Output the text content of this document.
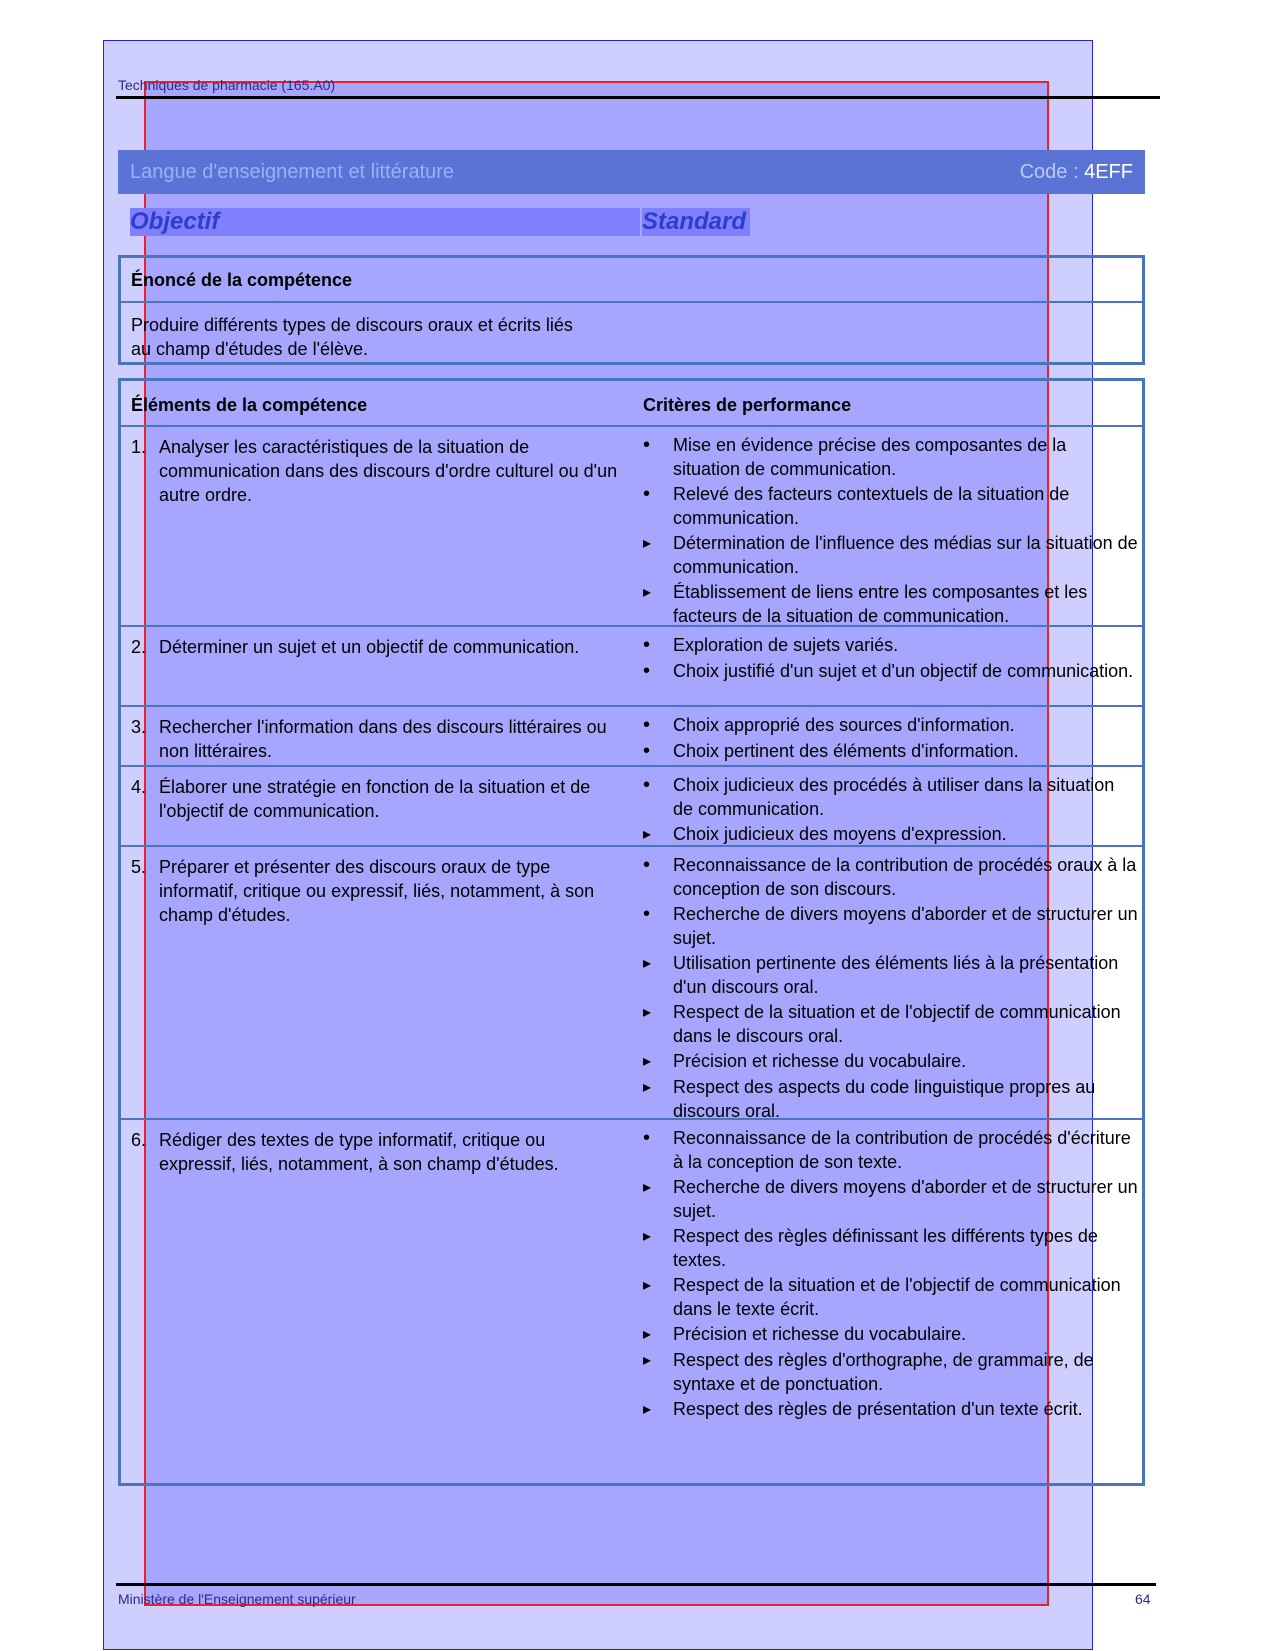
Techniques de pharmacie (165.A0)
Langue d'enseignement et littérature	Code : 4EFF
Objectif	Standard
Énoncé de la compétence
Produire différents types de discours oraux et écrits liés au champ d'études de l'élève.
Éléments de la compétence	Critères de performance
1. Analyser les caractéristiques de la situation de communication dans des discours d'ordre culturel ou d'un autre ordre.
•
Mise en évidence précise des composantes de la situation de communication.
•
Relevé des facteurs contextuels de la situation de communication.
▸
Détermination de l'influence des médias sur la situation de communication.
▸
Établissement de liens entre les composantes et les facteurs de la situation de communication.
2. Déterminer un sujet et un objectif de communication.
•	Exploration de sujets variés.
•
Choix justifié d'un sujet et d'un objectif de communication.
3. Rechercher l'information dans des discours littéraires ou non littéraires.
•
Choix approprié des sources d'information.
•
Choix pertinent des éléments d'information.
4. Élaborer une stratégie en fonction de la situation et de l'objectif de communication.
•
Choix judicieux des procédés à utiliser dans la situation de communication.
▸
Choix judicieux des moyens d'expression.
5. Préparer et présenter des discours oraux de type informatif, critique ou expressif, liés, notamment, à son champ d'études.
•
Reconnaissance de la contribution de procédés oraux à la conception de son discours.
•
Recherche de divers moyens d'aborder et de structurer un sujet.
▸
Utilisation pertinente des éléments liés à la présentation d'un discours oral.
▸
Respect de la situation et de l'objectif de communication dans le discours oral.
▸
Précision et richesse du vocabulaire.
▸
Respect des aspects du code linguistique propres au discours oral.
6. Rédiger des textes de type informatif, critique ou expressif, liés, notamment, à son champ d'études.
•
Reconnaissance de la contribution de procédés d'écriture à la conception de son texte.
▸
Recherche de divers moyens d'aborder et de structurer un sujet.
▸
Respect des règles définissant les différents types de textes.
▸
Respect de la situation et de l'objectif de communication dans le texte écrit.
▸
Précision et richesse du vocabulaire.
▸
Respect des règles d'orthographe, de grammaire, de syntaxe et de ponctuation.
▸
Respect des règles de présentation d'un texte écrit.
Ministère de l'Enseignement supérieur	64
